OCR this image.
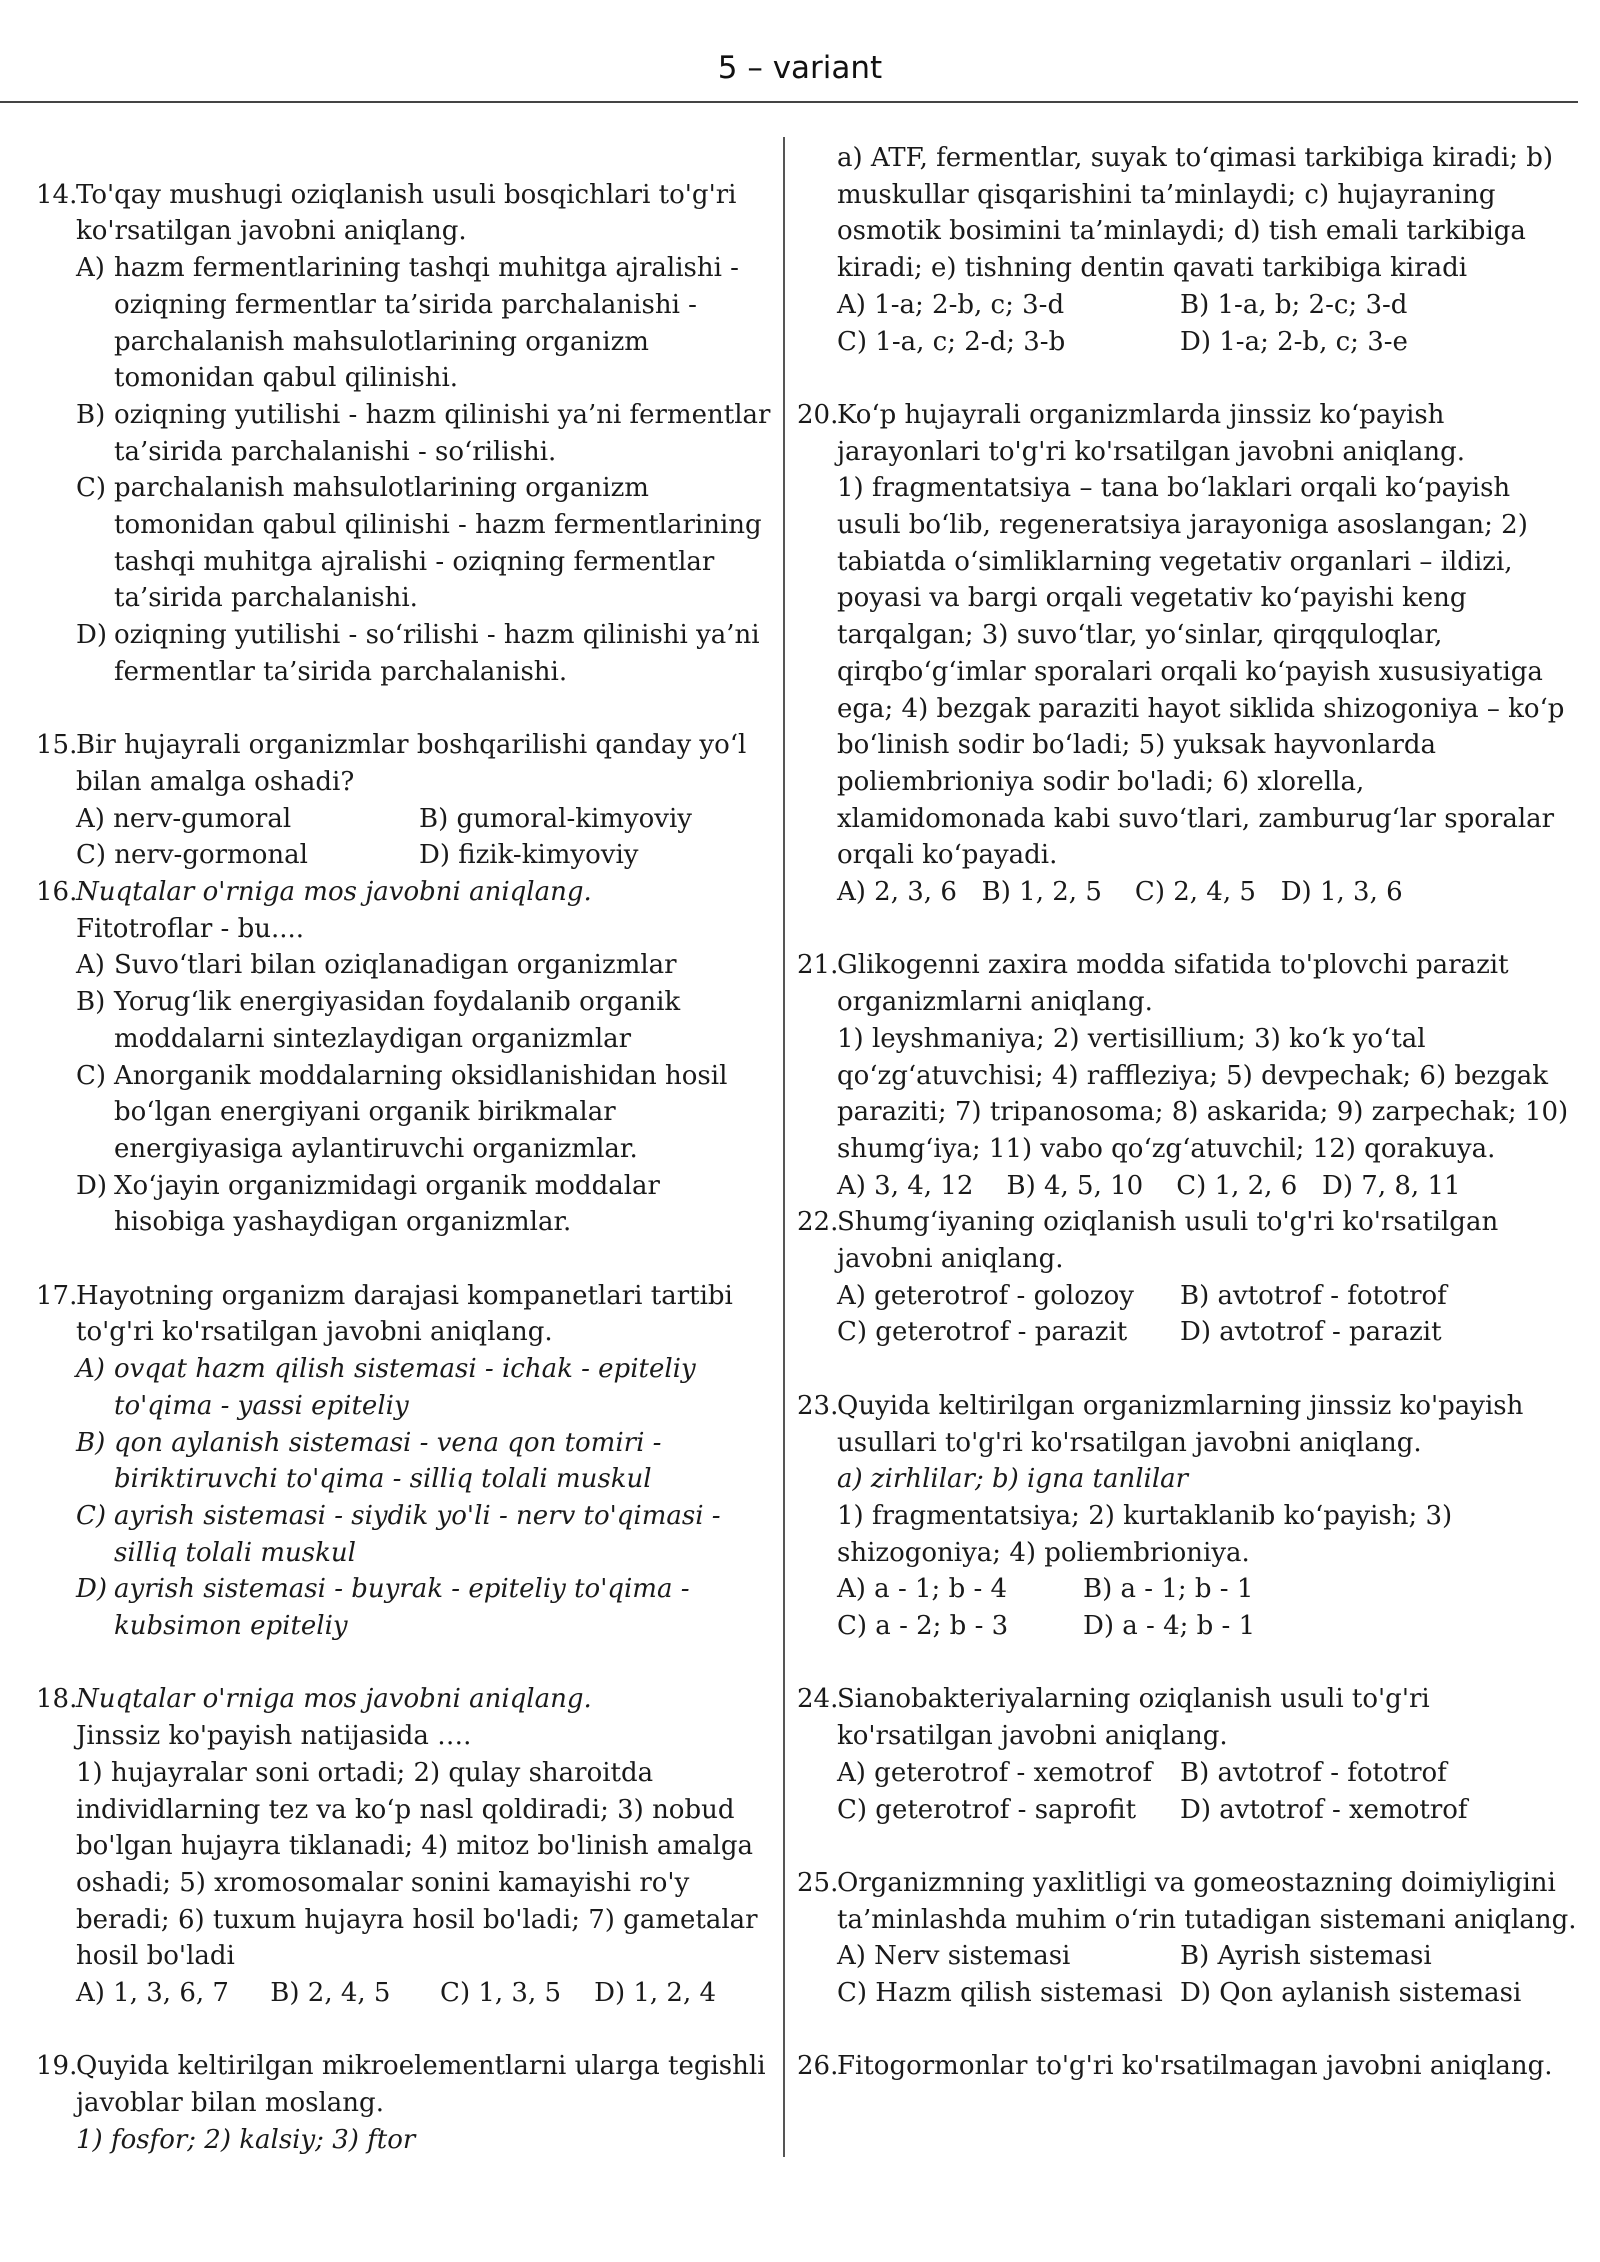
5 – variant
14.
To'qay mushugi oziqlanish usuli bosqichlari to'g'ri ko'rsatilgan javobni aniqlang.
A) hazm fermentlarining tashqi muhitga ajralishi - oziqning fermentlar ta’sirida parchalanishi - parchalanish mahsulotlarining organizm tomonidan qabul qilinishi.
B) oziqning yutilishi - hazm qilinishi ya’ni fermentlar ta’sirida parchalanishi - so‘rilishi.
C) parchalanish mahsulotlarining organizm tomonidan qabul qilinishi - hazm fermentlarining tashqi muhitga ajralishi - oziqning fermentlar ta’sirida parchalanishi.
D) oziqning yutilishi - so‘rilishi - hazm qilinishi ya’ni fermentlar ta’sirida parchalanishi.
15.
Bir hujayrali organizmlar boshqarilishi qanday yo‘l bilan amalga oshadi?
A) nerv-gumoral	B) gumoral-kimyoviy
C) nerv-gormonal	D) fizik-kimyoviy
16.
Nuqtalar o'rniga mos javobni aniqlang.
Fitotroflar - bu....
A) Suvo‘tlari bilan oziqlanadigan organizmlar
B) Yorug‘lik energiyasidan foydalanib organik moddalarni sintezlaydigan organizmlar
C) Anorganik moddalarning oksidlanishidan hosil bo‘lgan energiyani organik birikmalar energiyasiga aylantiruvchi organizmlar.
D) Xo‘jayin organizmidagi organik moddalar hisobiga yashaydigan organizmlar.
17.
Hayotning organizm darajasi kompanetlari tartibi to'g'ri ko'rsatilgan javobni aniqlang.
A) ovqat hazm qilish sistemasi - ichak - epiteliy to'qima - yassi epiteliy
B) qon aylanish sistemasi - vena qon tomiri - biriktiruvchi to'qima - silliq tolali muskul
C) ayrish sistemasi - siydik yo'li - nerv to'qimasi - silliq tolali muskul
D) ayrish sistemasi - buyrak - epiteliy to'qima - kubsimon epiteliy
18.
Nuqtalar o'rniga mos javobni aniqlang.
Jinssiz ko'payish natijasida ….
1) hujayralar soni ortadi; 2) qulay sharoitda individlarning tez va ko‘p nasl qoldiradi; 3) nobud bo'lgan hujayra tiklanadi; 4) mitoz bo'linish amalga oshadi; 5) xromosomalar sonini kamayishi ro'y beradi; 6) tuxum hujayra hosil bo'ladi; 7) gametalar hosil bo'ladi
A) 1, 3, 6, 7     B) 2, 4, 5      C) 1, 3, 5    D) 1, 2, 4
19.
Quyida keltirilgan mikroelementlarni ularga tegishli javoblar bilan moslang.
1) fosfor; 2) kalsiy; 3) ftor
a) ATF, fermentlar, suyak to‘qimasi tarkibiga kiradi; b) muskullar qisqarishini ta’minlaydi; c) hujayraning osmotik bosimini ta’minlaydi; d) tish emali tarkibiga kiradi; e) tishning dentin qavati tarkibiga kiradi
A) 1-a; 2-b, c; 3-d	B) 1-a, b; 2-c; 3-d
C) 1-a, c; 2-d; 3-b	D) 1-a; 2-b, c; 3-e
20.
Ko‘p hujayrali organizmlarda jinssiz ko‘payish jarayonlari to'g'ri ko'rsatilgan javobni aniqlang.
1) fragmentatsiya – tana bo‘laklari orqali ko‘payish usuli bo‘lib, regeneratsiya jarayoniga asoslangan; 2) tabiatda o‘simliklarning vegetativ organlari – ildizi, poyasi va bargi orqali vegetativ ko‘payishi keng tarqalgan; 3) suvo‘tlar, yo‘sinlar, qirqquloqlar, qirqbo‘g‘imlar sporalari orqali ko‘payish xususiyatiga ega; 4) bezgak paraziti hayot siklida shizogoniya – ko‘p bo‘linish sodir bo‘ladi; 5) yuksak hayvonlarda poliembrioniya sodir bo'ladi; 6) xlorella, xlamidomonada kabi suvo‘tlari, zamburug‘lar sporalar orqali ko‘payadi.
A) 2, 3, 6   B) 1, 2, 5    C) 2, 4, 5   D) 1, 3, 6
21.
Glikogenni zaxira modda sifatida to'plovchi parazit organizmlarni aniqlang.
1) leyshmaniya; 2) vertisillium; 3) ko‘k yo‘tal qo‘zg‘atuvchisi; 4) raffleziya; 5) devpechak; 6) bezgak paraziti; 7) tripanosoma; 8) askarida; 9) zarpechak; 10) shumg‘iya; 11) vabo qo‘zg‘atuvchil; 12) qorakuya.
A) 3, 4, 12    B) 4, 5, 10    C) 1, 2, 6   D) 7, 8, 11
22.
Shumg‘iyaning oziqlanish usuli to'g'ri ko'rsatilgan javobni aniqlang.
A) geterotrof - golozoy	B) avtotrof - fototrof
C) geterotrof - parazit	D) avtotrof - parazit
23.
Quyida keltirilgan organizmlarning jinssiz ko'payish usullari to'g'ri ko'rsatilgan javobni aniqlang.
a) zirhlilar; b) igna tanlilar
1) fragmentatsiya; 2) kurtaklanib ko‘payish; 3) shizogoniya; 4) poliembrioniya.
A) a - 1; b - 4	B) a - 1; b - 1
C) a - 2; b - 3	D) a - 4; b - 1
24.
Sianobakteriyalarning oziqlanish usuli to'g'ri ko'rsatilgan javobni aniqlang.
A) geterotrof - xemotrof	B) avtotrof - fototrof
C) geterotrof - saprofit	D) avtotrof - xemotrof
25.
Organizmning yaxlitligi va gomeostazning doimiyligini ta’minlashda muhim o‘rin tutadigan sistemani aniqlang.
A) Nerv sistemasi	B) Ayrish sistemasi
C) Hazm qilish sistemasi D) Qon aylanish sistemasi
26.
Fitogormonlar to'g'ri ko'rsatilmagan javobni aniqlang.
